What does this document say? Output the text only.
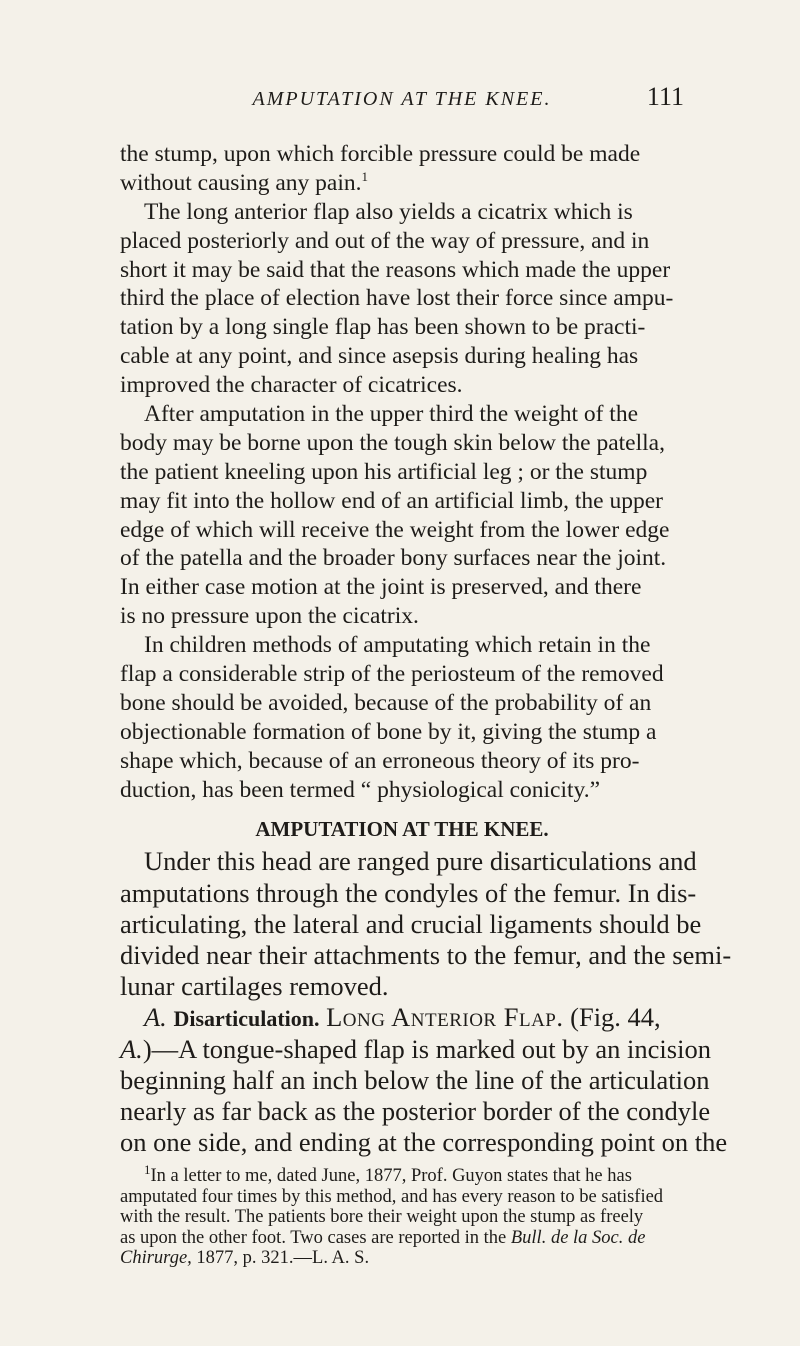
AMPUTATION AT THE KNEE.	111
the stump, upon which forcible pressure could be made
without causing any pain.$^1$
The long anterior flap also yields a cicatrix which is
placed posteriorly and out of the way of pressure, and in
short it may be said that the reasons which made the upper
third the place of election have lost their force since ampu-
tation by a long single flap has been shown to be practi-
cable at any point, and since asepsis during healing has
improved the character of cicatrices.
After amputation in the upper third the weight of the
body may be borne upon the tough skin below the patella,
the patient kneeling upon his artificial leg ; or the stump
may fit into the hollow end of an artificial limb, the upper
edge of which will receive the weight from the lower edge
of the patella and the broader bony surfaces near the joint.
In either case motion at the joint is preserved, and there
is no pressure upon the cicatrix.
In children methods of amputating which retain in the
flap a considerable strip of the periosteum of the removed
bone should be avoided, because of the probability of an
objectionable formation of bone by it, giving the stump a
shape which, because of an erroneous theory of its pro-
duction, has been termed “ physiological conicity.”
AMPUTATION AT THE KNEE.
Under this head are ranged pure disarticulations and
amputations through the condyles of the femur. In dis-
articulating, the lateral and crucial ligaments should be
divided near their attachments to the femur, and the semi-
lunar cartilages removed.
A. Disarticulation. Long Anterior Flap. (Fig. 44,
A.)—A tongue-shaped flap is marked out by an incision
beginning half an inch below the line of the articulation
nearly as far back as the posterior border of the condyle
on one side, and ending at the corresponding point on the
$^1$In a letter to me, dated June, 1877, Prof. Guyon states that he has
amputated four times by this method, and has every reason to be satisfied
with the result. The patients bore their weight upon the stump as freely
as upon the other foot. Two cases are reported in the Bull. de la Soc. de
Chirurge, 1877, p. 321.—L. A. S.
